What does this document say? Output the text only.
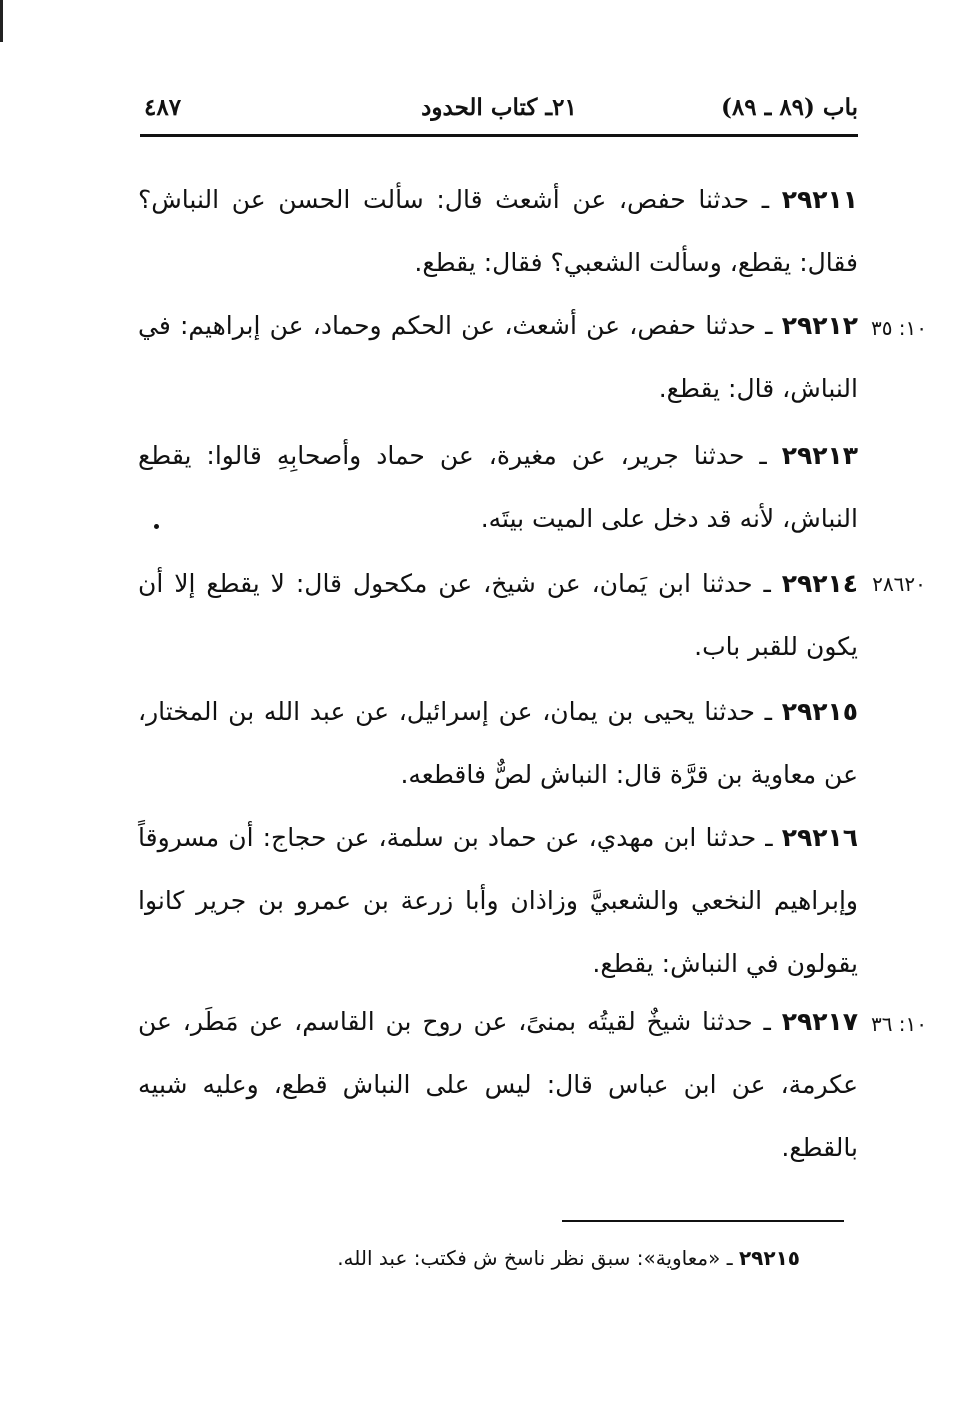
باب (٨٩ ـ ٨٩)
٢١ـ كتاب الحدود
٤٨٧
٢٩٢١١ ـ حدثنا حفص، عن أشعث قال: سألت الحسن عن النباش؟ فقال: يقطع، وسألت الشعبي؟ فقال: يقطع.
٢٩٢١٢ ـ حدثنا حفص، عن أشعث، عن الحكم وحماد، عن إبراهيم: في النباش، قال: يقطع.
١٠: ٣٥
٢٩٢١٣ ـ حدثنا جرير، عن مغيرة، عن حماد وأصحابِهِ قالوا: يقطع النباش، لأنه قد دخل على الميت بيتَه.
٢٩٢١٤ ـ حدثنا ابن يَمان، عن شيخ، عن مكحول قال: لا يقطع إلا أن يكون للقبر باب.
٢٨٦٢٠
٢٩٢١٥ ـ حدثنا يحيى بن يمان، عن إسرائيل، عن عبد الله بن المختار، عن معاوية بن قرَّة قال: النباش لصٌّ فاقطعه.
٢٩٢١٦ ـ حدثنا ابن مهدي، عن حماد بن سلمة، عن حجاج: أن مسروقاً وإبراهيم النخعي والشعبيَّ وزاذان وأبا زرعة بن عمرو بن جرير كانوا يقولون في النباش: يقطع.
٢٩٢١٧ ـ حدثنا شيخٌ لقيتُه بمنىً، عن روح بن القاسم، عن مَطَر، عن عكرمة، عن ابن عباس قال: ليس على النباش قطع، وعليه شبيه بالقطع.
١٠: ٣٦
٢٩٢١٥ ـ «معاوية»: سبق نظر ناسخ ش فكتب: عبد الله.
